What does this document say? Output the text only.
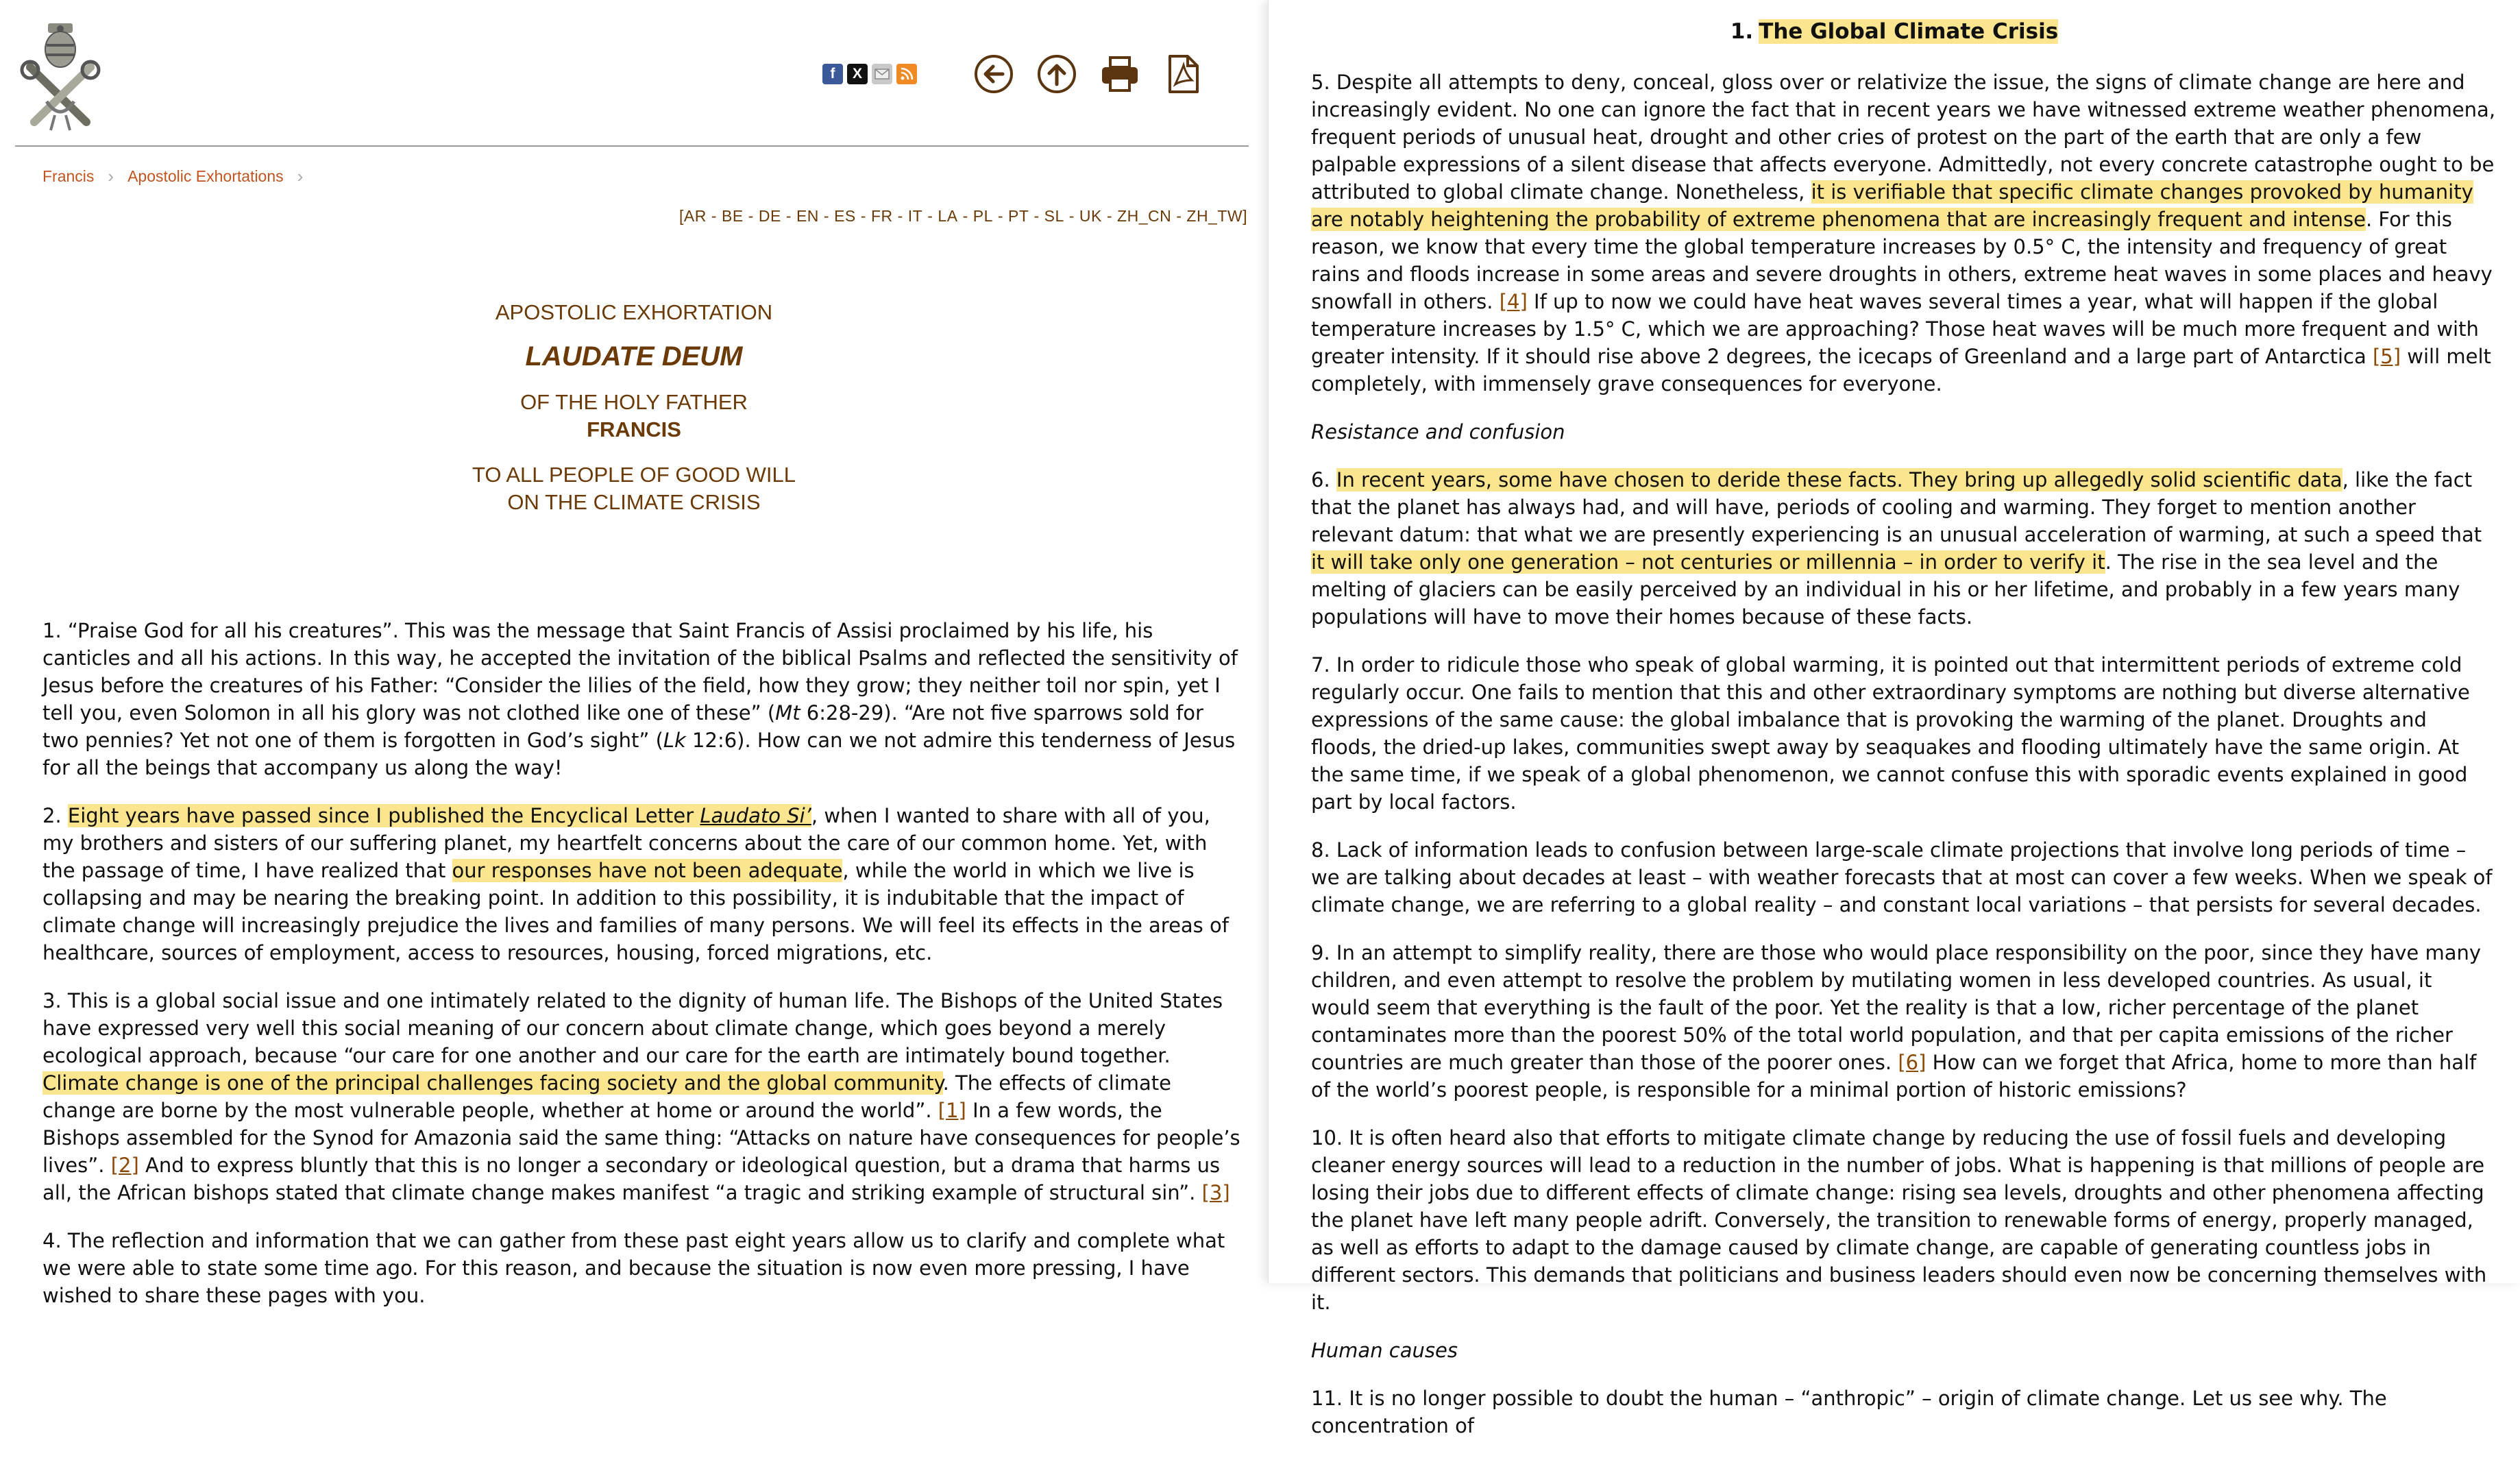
f	X
Francis › Apostolic Exhortations ›
[AR - BE - DE - EN - ES - FR - IT - LA - PL - PT - SL - UK - ZH_CN - ZH_TW]
APOSTOLIC EXHORTATION
LAUDATE DEUM
OF THE HOLY FATHER
FRANCIS
TO ALL PEOPLE OF GOOD WILL
ON THE CLIMATE CRISIS

1. “Praise God for all his creatures”. This was the message that Saint Francis of Assisi proclaimed by his life, his canticles and all his actions. In this way, he accepted the invitation of the biblical Psalms and reflected the sensitivity of Jesus before the creatures of his Father: “Consider the lilies of the field, how they grow; they neither toil nor spin, yet I tell you, even Solomon in all his glory was not clothed like one of these” (Mt 6:28-29). “Are not five sparrows sold for two pennies? Yet not one of them is forgotten in God’s sight” (Lk 12:6). How can we not admire this tenderness of Jesus for all the beings that accompany us along the way!

2. Eight years have passed since I published the Encyclical Letter Laudato Si’, when I wanted to share with all of you, my brothers and sisters of our suffering planet, my heartfelt concerns about the care of our common home. Yet, with the passage of time, I have realized that our responses have not been adequate, while the world in which we live is collapsing and may be nearing the breaking point. In addition to this possibility, it is indubitable that the impact of climate change will increasingly prejudice the lives and families of many persons. We will feel its effects in the areas of healthcare, sources of employment, access to resources, housing, forced migrations, etc.

3. This is a global social issue and one intimately related to the dignity of human life. The Bishops of the United States have expressed very well this social meaning of our concern about climate change, which goes beyond a merely ecological approach, because “our care for one another and our care for the earth are intimately bound together. Climate change is one of the principal challenges facing society and the global community. The effects of climate change are borne by the most vulnerable people, whether at home or around the world”. [1] In a few words, the Bishops assembled for the Synod for Amazonia said the same thing: “Attacks on nature have consequences for people’s lives”. [2] And to express bluntly that this is no longer a secondary or ideological question, but a drama that harms us all, the African bishops stated that climate change makes manifest “a tragic and striking example of structural sin”. [3]

4. The reflection and information that we can gather from these past eight years allow us to clarify and complete what we were able to state some time ago. For this reason, and because the situation is now even more pressing, I have wished to share these pages with you.

1. The Global Climate Crisis

5. Despite all attempts to deny, conceal, gloss over or relativize the issue, the signs of climate change are here and increasingly evident. No one can ignore the fact that in recent years we have witnessed extreme weather phenomena, frequent periods of unusual heat, drought and other cries of protest on the part of the earth that are only a few palpable expressions of a silent disease that affects everyone. Admittedly, not every concrete catastrophe ought to be attributed to global climate change. Nonetheless, it is verifiable that specific climate changes provoked by humanity are notably heightening the probability of extreme phenomena that are increasingly frequent and intense. For this reason, we know that every time the global temperature increases by 0.5° C, the intensity and frequency of great rains and floods increase in some areas and severe droughts in others, extreme heat waves in some places and heavy snowfall in others. [4] If up to now we could have heat waves several times a year, what will happen if the global temperature increases by 1.5° C, which we are approaching? Those heat waves will be much more frequent and with greater intensity. If it should rise above 2 degrees, the icecaps of Greenland and a large part of Antarctica [5] will melt completely, with immensely grave consequences for everyone.

Resistance and confusion

6. In recent years, some have chosen to deride these facts. They bring up allegedly solid scientific data, like the fact that the planet has always had, and will have, periods of cooling and warming. They forget to mention another relevant datum: that what we are presently experiencing is an unusual acceleration of warming, at such a speed that it will take only one generation – not centuries or millennia – in order to verify it. The rise in the sea level and the melting of glaciers can be easily perceived by an individual in his or her lifetime, and probably in a few years many populations will have to move their homes because of these facts.

7. In order to ridicule those who speak of global warming, it is pointed out that intermittent periods of extreme cold regularly occur. One fails to mention that this and other extraordinary symptoms are nothing but diverse alternative expressions of the same cause: the global imbalance that is provoking the warming of the planet. Droughts and floods, the dried-up lakes, communities swept away by seaquakes and flooding ultimately have the same origin. At the same time, if we speak of a global phenomenon, we cannot confuse this with sporadic events explained in good part by local factors.

8. Lack of information leads to confusion between large-scale climate projections that involve long periods of time – we are talking about decades at least – with weather forecasts that at most can cover a few weeks. When we speak of climate change, we are referring to a global reality – and constant local variations – that persists for several decades.

9. In an attempt to simplify reality, there are those who would place responsibility on the poor, since they have many children, and even attempt to resolve the problem by mutilating women in less developed countries. As usual, it would seem that everything is the fault of the poor. Yet the reality is that a low, richer percentage of the planet contaminates more than the poorest 50% of the total world population, and that per capita emissions of the richer countries are much greater than those of the poorer ones. [6] How can we forget that Africa, home to more than half of the world’s poorest people, is responsible for a minimal portion of historic emissions?

10. It is often heard also that efforts to mitigate climate change by reducing the use of fossil fuels and developing cleaner energy sources will lead to a reduction in the number of jobs. What is happening is that millions of people are losing their jobs due to different effects of climate change: rising sea levels, droughts and other phenomena affecting the planet have left many people adrift. Conversely, the transition to renewable forms of energy, properly managed, as well as efforts to adapt to the damage caused by climate change, are capable of generating countless jobs in different sectors. This demands that politicians and business leaders should even now be concerning themselves with it.

Human causes

11. It is no longer possible to doubt the human – “anthropic” – origin of climate change. Let us see why. The concentration of
